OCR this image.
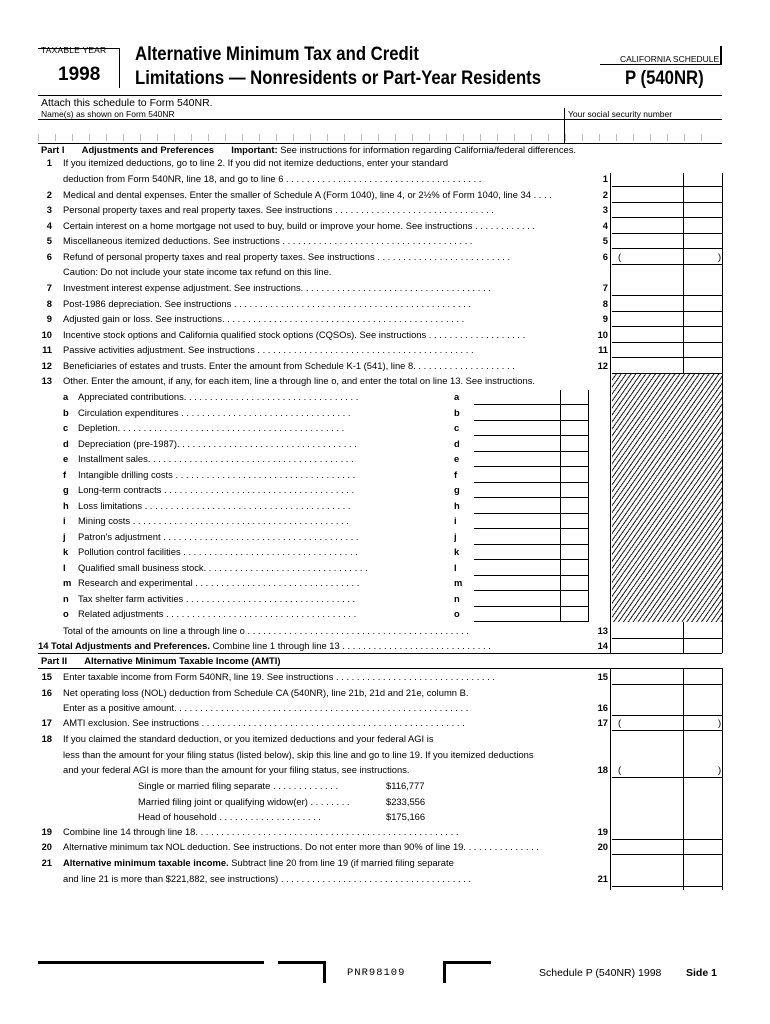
TAXABLE YEAR
1998
Alternative Minimum Tax and Credit
Limitations — Nonresidents or Part-Year Residents
CALIFORNIA SCHEDULE
P (540NR)
Attach this schedule to Form 540NR.
Name(s) as shown on Form 540NR	Your social security number
Part I Adjustments and Preferences Important: See instructions for information regarding California/federal differences.
1 If you itemized deductions, go to line 2. If you did not itemize deductions, enter your standard
deduction from Form 540NR, line 18, and go to line 6 . . . . . . . . . . . . . . . . . . . . . . . . . . . . . . . . . . . . . .	1
2 Medical and dental expenses. Enter the smaller of Schedule A (Form 1040), line 4, or 2½% of Form 1040, line 34 . . . .	2
3 Personal property taxes and real property taxes. See instructions . . . . . . . . . . . . . . . . . . . . . . . . . . . . . . .	3
4 Certain interest on a home mortgage not used to buy, build or improve your home. See instructions . . . . . . . . . . . .	4
5 Miscellaneous itemized deductions. See instructions . . . . . . . . . . . . . . . . . . . . . . . . . . . . . . . . . . . . .	5
6 Refund of personal property taxes and real property taxes. See instructions . . . . . . . . . . . . . . . . . . . . . . . . . .	6 (	)
Caution: Do not include your state income tax refund on this line.
7 Investment interest expense adjustment. See instructions. . . . . . . . . . . . . . . . . . . . . . . . . . . . . . . . . . . . .	7
8 Post-1986 depreciation. See instructions . . . . . . . . . . . . . . . . . . . . . . . . . . . . . . . . . . . . . . . . . . . . . .	8
9 Adjusted gain or loss. See instructions. . . . . . . . . . . . . . . . . . . . . . . . . . . . . . . . . . . . . . . . . . . . . . .	9
10 Incentive stock options and California qualified stock options (CQSOs). See instructions . . . . . . . . . . . . . . . . . . .	10
11 Passive activities adjustment. See instructions . . . . . . . . . . . . . . . . . . . . . . . . . . . . . . . . . . . . . . . . . .	11
12 Beneficiaries of estates and trusts. Enter the amount from Schedule K-1 (541), line 8. . . . . . . . . . . . . . . . . . . .	12
13 Other. Enter the amount, if any, for each item, line a through line o, and enter the total on line 13. See instructions.
a Appreciated contributions. . . . . . . . . . . . . . . . . . . . . . . . . . . . . . . . . .	a
b Circulation expenditures . . . . . . . . . . . . . . . . . . . . . . . . . . . . . . . . .	b
c Depletion. . . . . . . . . . . . . . . . . . . . . . . . . . . . . . . . . . . . . . . . . . . .	c
d Depreciation (pre-1987). . . . . . . . . . . . . . . . . . . . . . . . . . . . . . . . . . .	d
e Installment sales. . . . . . . . . . . . . . . . . . . . . . . . . . . . . . . . . . . . . . . .	e
f Intangible drilling costs . . . . . . . . . . . . . . . . . . . . . . . . . . . . . . . . . . .	f
g Long-term contracts . . . . . . . . . . . . . . . . . . . . . . . . . . . . . . . . . . . . .	g
h Loss limitations . . . . . . . . . . . . . . . . . . . . . . . . . . . . . . . . . . . . . . . .	h
i Mining costs . . . . . . . . . . . . . . . . . . . . . . . . . . . . . . . . . . . . . . . . . .	i
j Patron's adjustment . . . . . . . . . . . . . . . . . . . . . . . . . . . . . . . . . . . . . .	j
k Pollution control facilities . . . . . . . . . . . . . . . . . . . . . . . . . . . . . . . . . .	k
l Qualified small business stock. . . . . . . . . . . . . . . . . . . . . . . . . . . . . . . .	l
m Research and experimental . . . . . . . . . . . . . . . . . . . . . . . . . . . . . . . .	m
n Tax shelter farm activities . . . . . . . . . . . . . . . . . . . . . . . . . . . . . . . . .	n
o Related adjustments . . . . . . . . . . . . . . . . . . . . . . . . . . . . . . . . . . . . .	o
Total of the amounts on line a through line o . . . . . . . . . . . . . . . . . . . . . . . . . . . . . . . . . . . . . . . . . . .	13
14 Total Adjustments and Preferences. Combine line 1 through line 13 . . . . . . . . . . . . . . . . . . . . . . . . . . . . .	14
Part II Alternative Minimum Taxable Income (AMTI)
15 Enter taxable income from Form 540NR, line 19. See instructions . . . . . . . . . . . . . . . . . . . . . . . . . . . . . . .	15
16 Net operating loss (NOL) deduction from Schedule CA (540NR), line 21b, 21d and 21e, column B.
Enter as a positive amount. . . . . . . . . . . . . . . . . . . . . . . . . . . . . . . . . . . . . . . . . . . . . . . . . . . . . . . . .	16
17 AMTI exclusion. See instructions . . . . . . . . . . . . . . . . . . . . . . . . . . . . . . . . . . . . . . . . . . . . . . . . . . .	17 (	)
18 If you claimed the standard deduction, or you itemized deductions and your federal AGI is
less than the amount for your filing status (listed below), skip this line and go to line 19. If you itemized deductions
and your federal AGI is more than the amount for your filing status, see instructions.	18 (	)
Single or married filing separate . . . . . . . . . . . . .	$116,777
Married filing joint or qualifying widow(er) . . . . . . . .	$233,556
Head of household . . . . . . . . . . . . . . . . . . . .	$175,166
19 Combine line 14 through line 18. . . . . . . . . . . . . . . . . . . . . . . . . . . . . . . . . . . . . . . . . . . . . . . . . . .	19
20 Alternative minimum tax NOL deduction. See instructions. Do not enter more than 90% of line 19. . . . . . . . . . . . . . .	20
21 Alternative minimum taxable income. Subtract line 20 from line 19 (if married filing separate
and line 21 is more than $221,882, see instructions) . . . . . . . . . . . . . . . . . . . . . . . . . . . . . . . . . . . . .	21
PNR98109	Schedule P (540NR) 1998 Side 1
